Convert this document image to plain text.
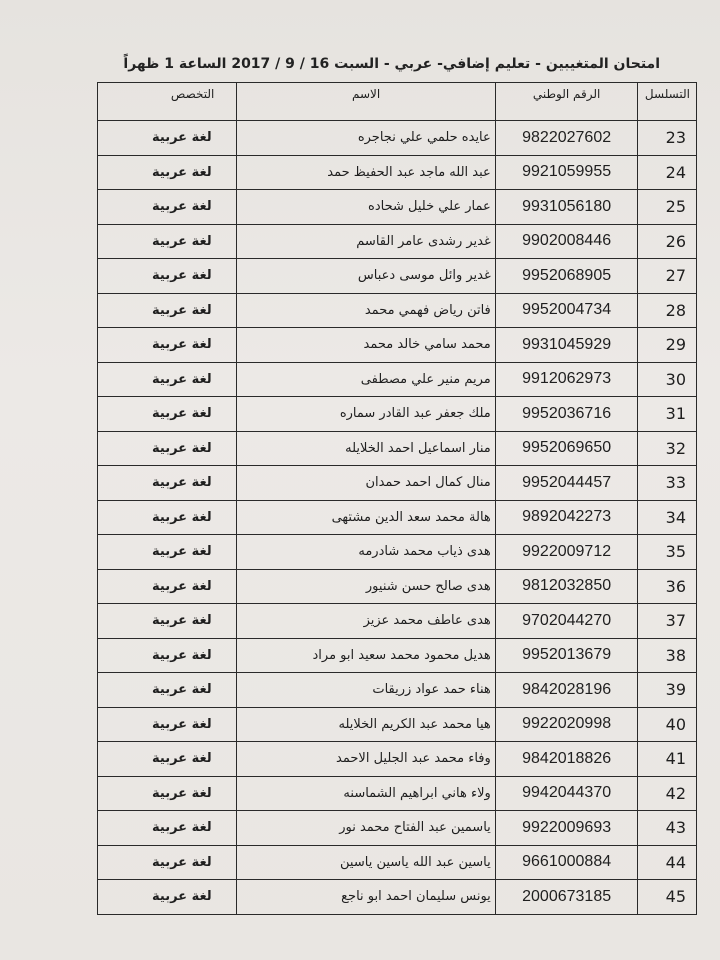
امتحان المتغيبين - تعليم إضافي- عربي - السبت 16 / 9 / 2017 الساعة 1 ظهراً
التسلسل	الرقم الوطني	الاسم	التخصص
23	9822027602	عايده حلمي علي نجاجره	لغة عربية
24	9921059955	عبد الله ماجد عبد الحفيظ حمد	لغة عربية
25	9931056180	عمار علي خليل شحاده	لغة عربية
26	9902008446	غدير رشدى عامر القاسم	لغة عربية
27	9952068905	غدير وائل موسى دعباس	لغة عربية
28	9952004734	فاتن رياض فهمي محمد	لغة عربية
29	9931045929	محمد سامي خالد محمد	لغة عربية
30	9912062973	مريم منير علي مصطفى	لغة عربية
31	9952036716	ملك جعفر عبد القادر سماره	لغة عربية
32	9952069650	منار اسماعيل احمد الخلايله	لغة عربية
33	9952044457	منال كمال احمد حمدان	لغة عربية
34	9892042273	هالة محمد سعد الدين مشتهى	لغة عربية
35	9922009712	هدى ذياب محمد شادرمه	لغة عربية
36	9812032850	هدى صالح حسن شنيور	لغة عربية
37	9702044270	هدى عاطف محمد عزيز	لغة عربية
38	9952013679	هديل محمود محمد سعيد ابو مراد	لغة عربية
39	9842028196	هناء حمد عواد زريقات	لغة عربية
40	9922020998	هيا محمد عبد الكريم الخلايله	لغة عربية
41	9842018826	وفاء محمد عبد الجليل الاحمد	لغة عربية
42	9942044370	ولاء هاني ابراهيم الشماسنه	لغة عربية
43	9922009693	ياسمين عبد الفتاح محمد نور	لغة عربية
44	9661000884	ياسين عبد الله ياسين ياسين	لغة عربية
45	2000673185	يونس سليمان احمد ابو ناجع	لغة عربية
